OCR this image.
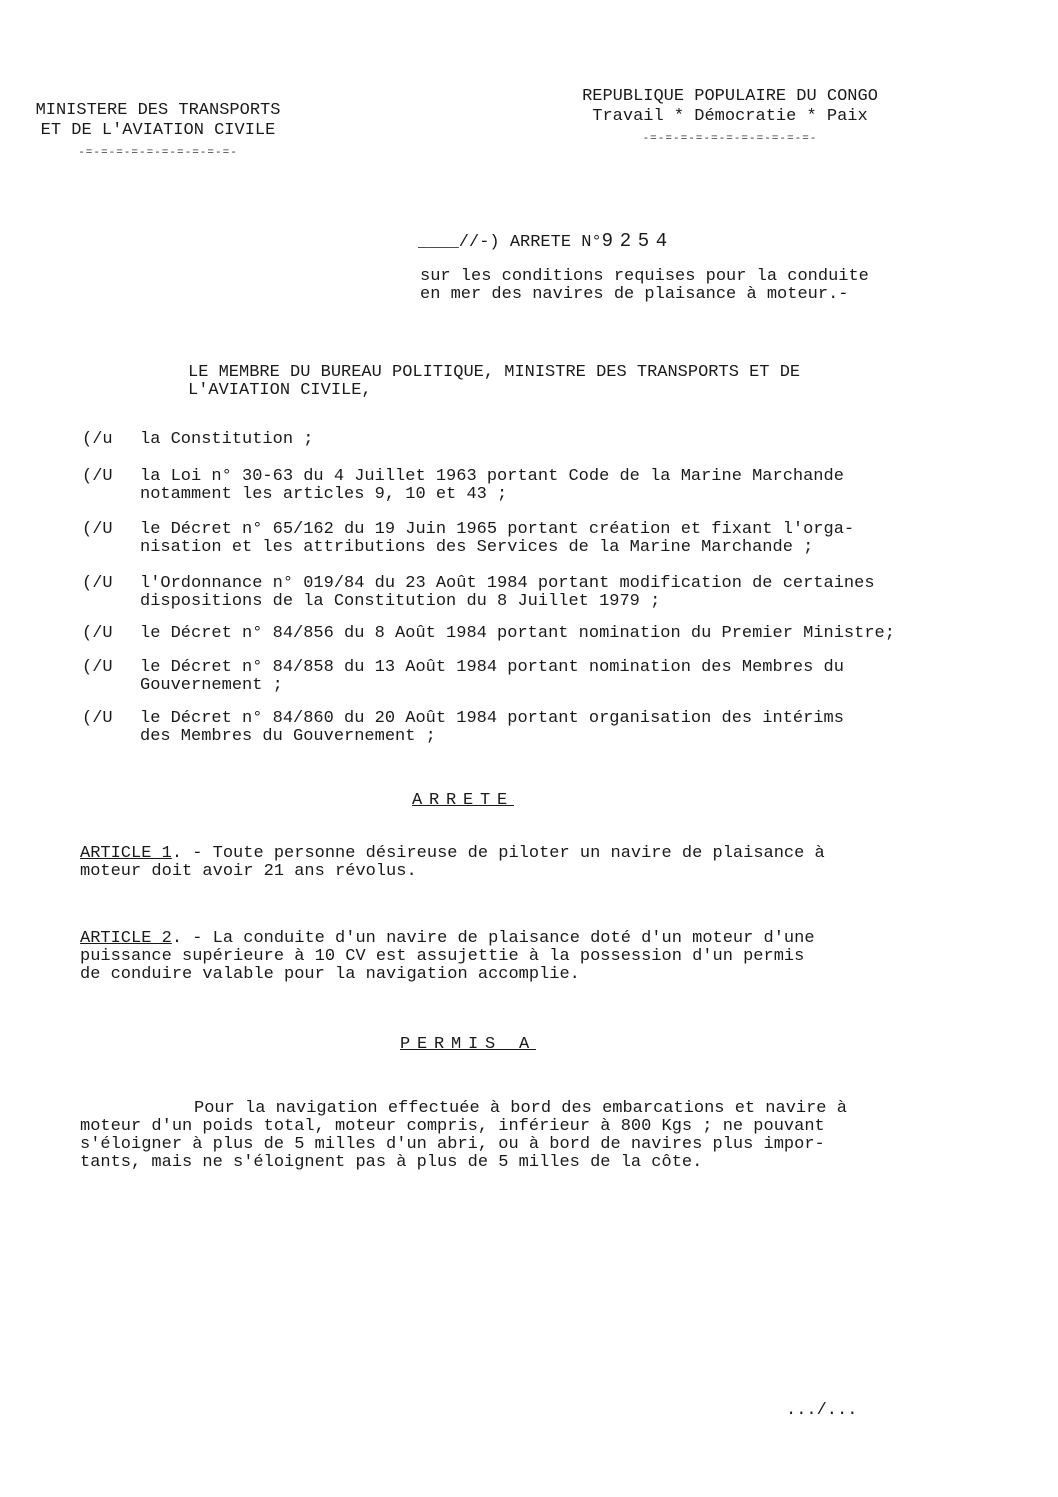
MINISTERE DES TRANSPORTS
ET DE L'AVIATION CIVILE
-=-=-=-=-=-=-=-=-=-=-
REPUBLIQUE POPULAIRE DU CONGO
Travail * Démocratie * Paix
-=-=-=-=-=-=-=-=-=-=-=-
____//-) ARRETE N°9254
sur les conditions requises pour la conduite
en mer des navires de plaisance à moteur.-
LE MEMBRE DU BUREAU POLITIQUE, MINISTRE DES TRANSPORTS ET DE
L'AVIATION CIVILE,
(/u la Constitution ;
(/U la Loi n° 30-63 du 4 Juillet 1963 portant Code de la Marine Marchande
notamment les articles 9, 10 et 43 ;
(/U le Décret n° 65/162 du 19 Juin 1965 portant création et fixant l'orga-
nisation et les attributions des Services de la Marine Marchande ;
(/U l'Ordonnance n° 019/84 du 23 Août 1984 portant modification de certaines
dispositions de la Constitution du 8 Juillet 1979 ;
(/U le Décret n° 84/856 du 8 Août 1984 portant nomination du Premier Ministre;
(/U le Décret n° 84/858 du 13 Août 1984 portant nomination des Membres du
Gouvernement ;
(/U le Décret n° 84/860 du 20 Août 1984 portant organisation des intérims
des Membres du Gouvernement ;
ARRETE
ARTICLE 1. - Toute personne désireuse de piloter un navire de plaisance à
moteur doit avoir 21 ans révolus.
ARTICLE 2. - La conduite d'un navire de plaisance doté d'un moteur d'une
puissance supérieure à 10 CV est assujettie à la possession d'un permis
de conduire valable pour la navigation accomplie.
PERMIS A
Pour la navigation effectuée à bord des embarcations et navire à
moteur d'un poids total, moteur compris, inférieur à 800 Kgs ; ne pouvant
s'éloigner à plus de 5 milles d'un abri, ou à bord de navires plus impor-
tants, mais ne s'éloignent pas à plus de 5 milles de la côte.
.../...
